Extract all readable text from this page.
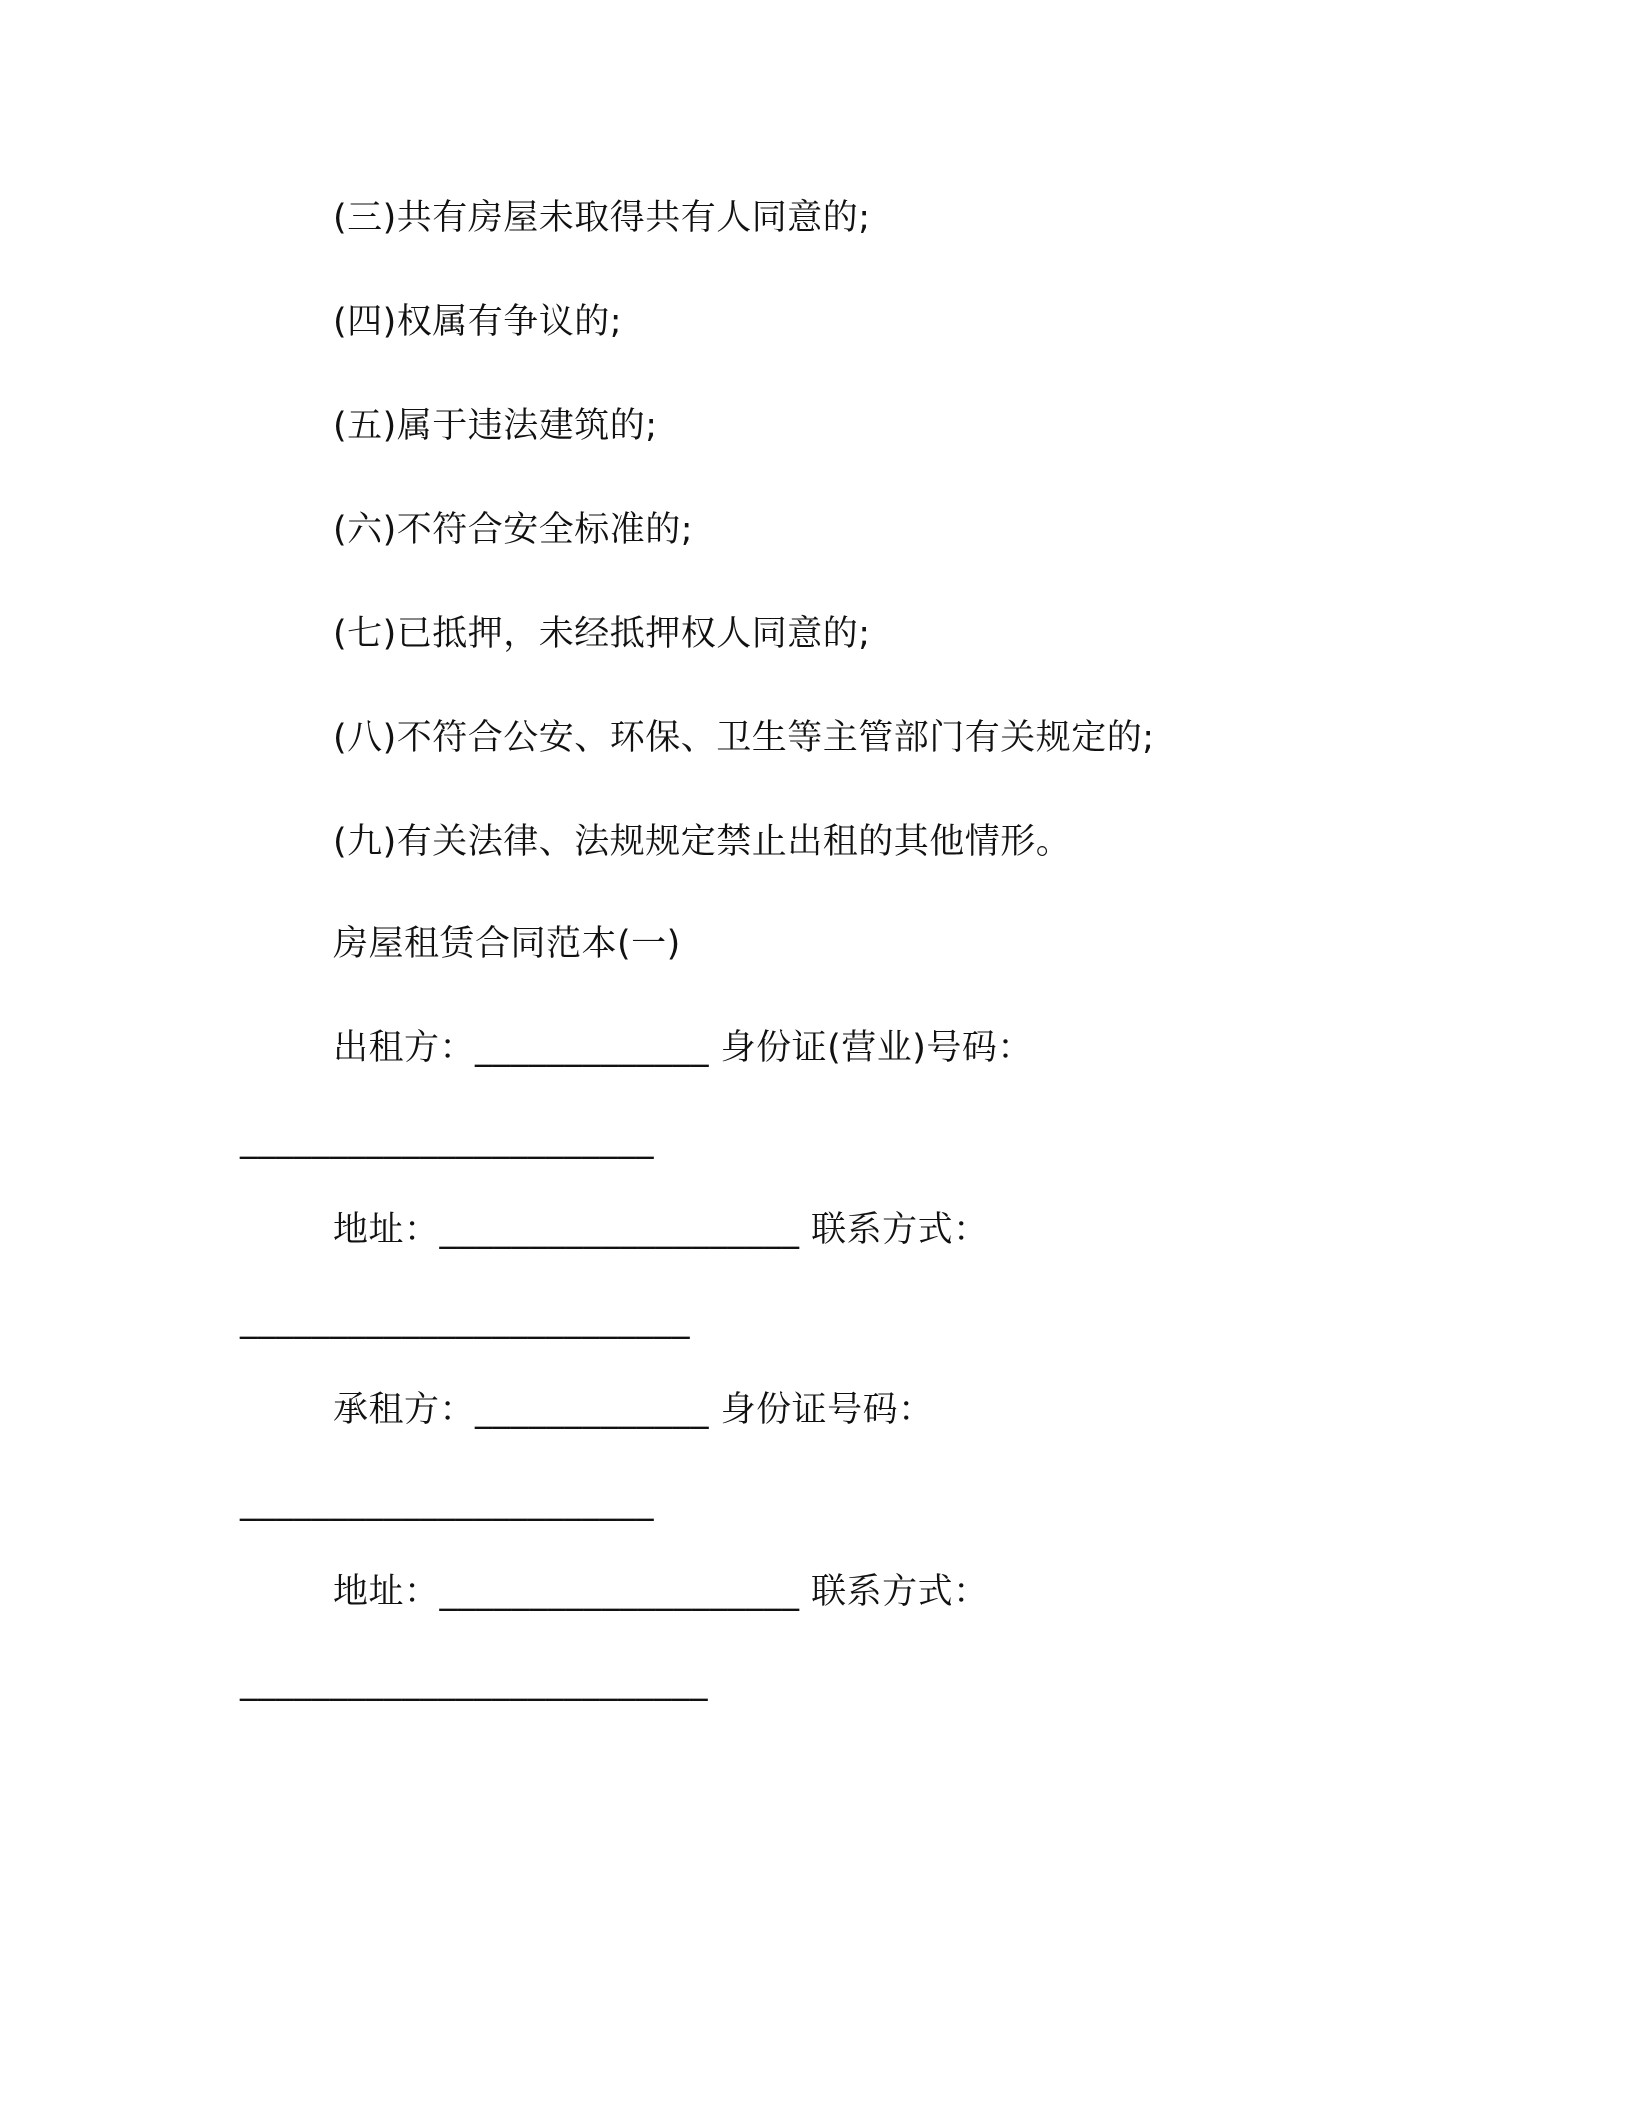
(三)共有房屋未取得共有人同意的;
(四)权属有争议的;
(五)属于违法建筑的;
(六)不符合安全标准的;
(七)已抵押，未经抵押权人同意的;
(八)不符合公安、环保、卫生等主管部门有关规定的;
(九)有关法律、法规规定禁止出租的其他情形。
房屋租赁合同范本(一)
出租方：_____________ 身份证(营业)号码：
_______________________
地址：____________________ 联系方式：
_________________________
承租方：_____________ 身份证号码：
_______________________
地址：____________________ 联系方式：
__________________________
